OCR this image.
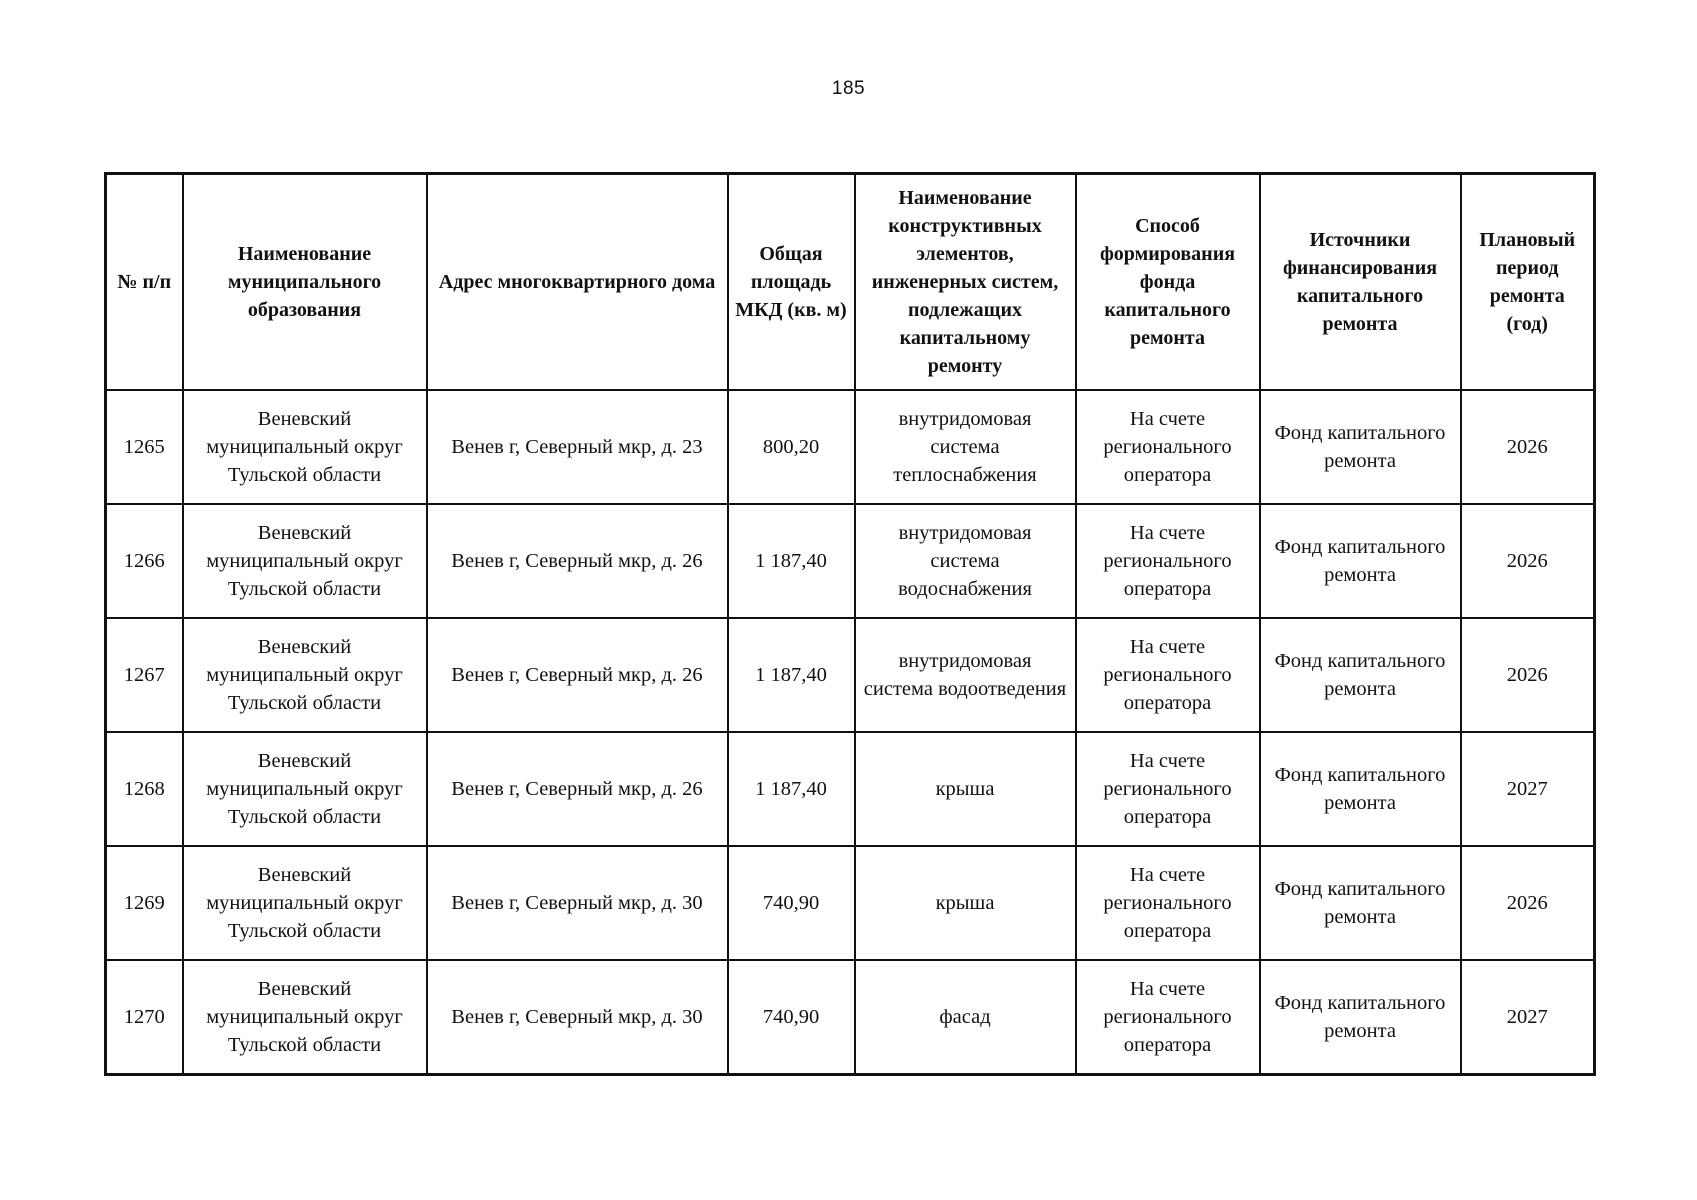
185
№ п/п	Наименование муниципального образования	Адрес многоквартирного дома	Общая площадь МКД (кв. м)	Наименование конструктивных элементов, инженерных систем, подлежащих капитальному ремонту	Способ формирования фонда капитального ремонта	Источники финансирования капитального ремонта	Плановый период ремонта (год)
1265	Веневский муниципальный округ Тульской области	Венев г, Северный мкр, д. 23	800,20	внутридомовая система теплоснабжения	На счете регионального оператора	Фонд капитального ремонта	2026
1266	Веневский муниципальный округ Тульской области	Венев г, Северный мкр, д. 26	1 187,40	внутридомовая система водоснабжения	На счете регионального оператора	Фонд капитального ремонта	2026
1267	Веневский муниципальный округ Тульской области	Венев г, Северный мкр, д. 26	1 187,40	внутридомовая система водоотведения	На счете регионального оператора	Фонд капитального ремонта	2026
1268	Веневский муниципальный округ Тульской области	Венев г, Северный мкр, д. 26	1 187,40	крыша	На счете регионального оператора	Фонд капитального ремонта	2027
1269	Веневский муниципальный округ Тульской области	Венев г, Северный мкр, д. 30	740,90	крыша	На счете регионального оператора	Фонд капитального ремонта	2026
1270	Веневский муниципальный округ Тульской области	Венев г, Северный мкр, д. 30	740,90	фасад	На счете регионального оператора	Фонд капитального ремонта	2027
